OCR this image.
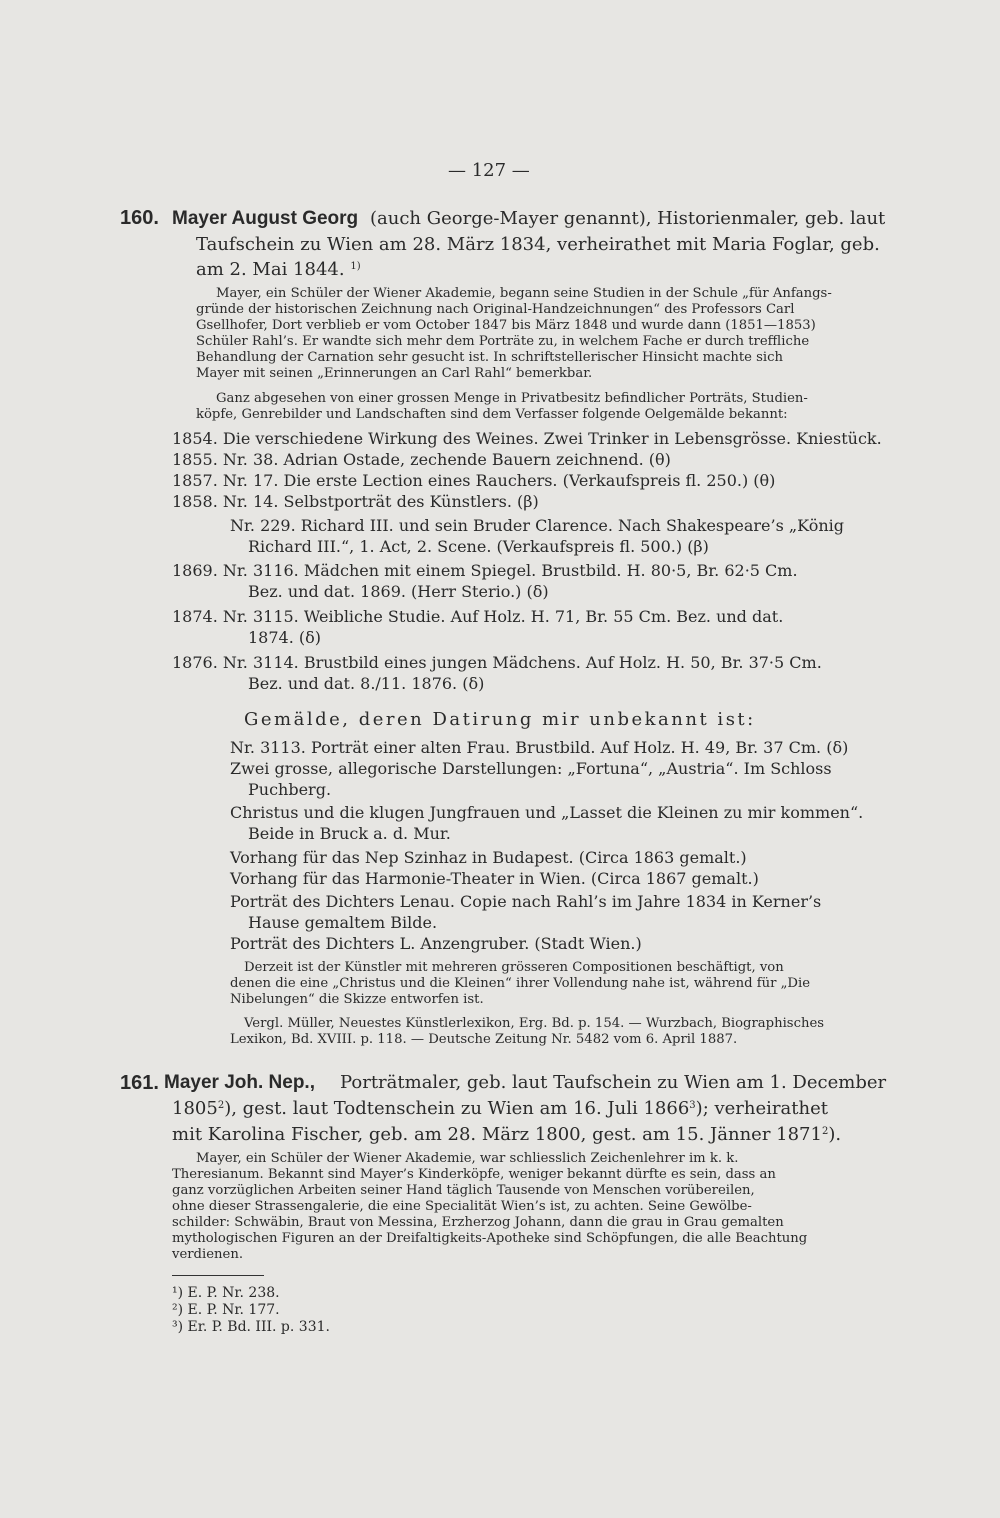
— 127 —
160. Mayer August Georg (auch George-Mayer genannt), Historienmaler, geb. laut
Taufschein zu Wien am 28. März 1834, verheirathet mit Maria Foglar, geb.
am 2. Mai 1844. $^{1)}$
Mayer, ein Schüler der Wiener Akademie, begann seine Studien in der Schule „für Anfangs-
gründe der historischen Zeichnung nach Original-Handzeichnungen“ des Professors Carl
Gsellhofer, Dort verblieb er vom October 1847 bis März 1848 und wurde dann (1851—1853)
Schüler Rahl’s. Er wandte sich mehr dem Porträte zu, in welchem Fache er durch treffliche
Behandlung der Carnation sehr gesucht ist. In schriftstellerischer Hinsicht machte sich
Mayer mit seinen „Erinnerungen an Carl Rahl“ bemerkbar.
Ganz abgesehen von einer grossen Menge in Privatbesitz befindlicher Porträts, Studien-
köpfe, Genrebilder und Landschaften sind dem Verfasser folgende Oelgemälde bekannt:
1854. Die verschiedene Wirkung des Weines. Zwei Trinker in Lebensgrösse. Kniestück.
1855. Nr. 38. Adrian Ostade, zechende Bauern zeichnend. (θ)
1857. Nr. 17. Die erste Lection eines Rauchers. (Verkaufspreis fl. 250.) (θ)
1858. Nr. 14. Selbstporträt des Künstlers. (β)
Nr. 229. Richard III. und sein Bruder Clarence. Nach Shakespeare’s „König
Richard III.“, 1. Act, 2. Scene. (Verkaufspreis fl. 500.) (β)
1869. Nr. 3116. Mädchen mit einem Spiegel. Brustbild. H. 80·5, Br. 62·5 Cm.
Bez. und dat. 1869. (Herr Sterio.) (δ)
1874. Nr. 3115. Weibliche Studie. Auf Holz. H. 71, Br. 55 Cm. Bez. und dat.
1874. (δ)
1876. Nr. 3114. Brustbild eines jungen Mädchens. Auf Holz. H. 50, Br. 37·5 Cm.
Bez. und dat. 8./11. 1876. (δ)
Gemälde, deren Datirung mir unbekannt ist:
Nr. 3113. Porträt einer alten Frau. Brustbild. Auf Holz. H. 49, Br. 37 Cm. (δ)
Zwei grosse, allegorische Darstellungen: „Fortuna“, „Austria“. Im Schloss
Puchberg.
Christus und die klugen Jungfrauen und „Lasset die Kleinen zu mir kommen“.
Beide in Bruck a. d. Mur.
Vorhang für das Nep Szinhaz in Budapest. (Circa 1863 gemalt.)
Vorhang für das Harmonie-Theater in Wien. (Circa 1867 gemalt.)
Porträt des Dichters Lenau. Copie nach Rahl’s im Jahre 1834 in Kerner’s
Hause gemaltem Bilde.
Porträt des Dichters L. Anzengruber. (Stadt Wien.)
Derzeit ist der Künstler mit mehreren grösseren Compositionen beschäftigt, von
denen die eine „Christus und die Kleinen“ ihrer Vollendung nahe ist, während für „Die
Nibelungen“ die Skizze entworfen ist.
Vergl. Müller, Neuestes Künstlerlexikon, Erg. Bd. p. 154. — Wurzbach, Biographisches
Lexikon, Bd. XVIII. p. 118. — Deutsche Zeitung Nr. 5482 vom 6. April 1887.
161. Mayer Joh. Nep., Porträtmaler, geb. laut Taufschein zu Wien am 1. December
1805$^2$), gest. laut Todtenschein zu Wien am 16. Juli 1866$^3$); verheirathet
mit Karolina Fischer, geb. am 28. März 1800, gest. am 15. Jänner 1871$^2$).
Mayer, ein Schüler der Wiener Akademie, war schliesslich Zeichenlehrer im k. k.
Theresianum. Bekannt sind Mayer’s Kinderköpfe, weniger bekannt dürfte es sein, dass an
ganz vorzüglichen Arbeiten seiner Hand täglich Tausende von Menschen vorübereilen,
ohne dieser Strassengalerie, die eine Specialität Wien’s ist, zu achten. Seine Gewölbe-
schilder: Schwäbin, Braut von Messina, Erzherzog Johann, dann die grau in Grau gemalten
mythologischen Figuren an der Dreifaltigkeits-Apotheke sind Schöpfungen, die alle Beachtung
verdienen.
¹) E. P. Nr. 238.
²) E. P. Nr. 177.
³) Er. P. Bd. III. p. 331.
